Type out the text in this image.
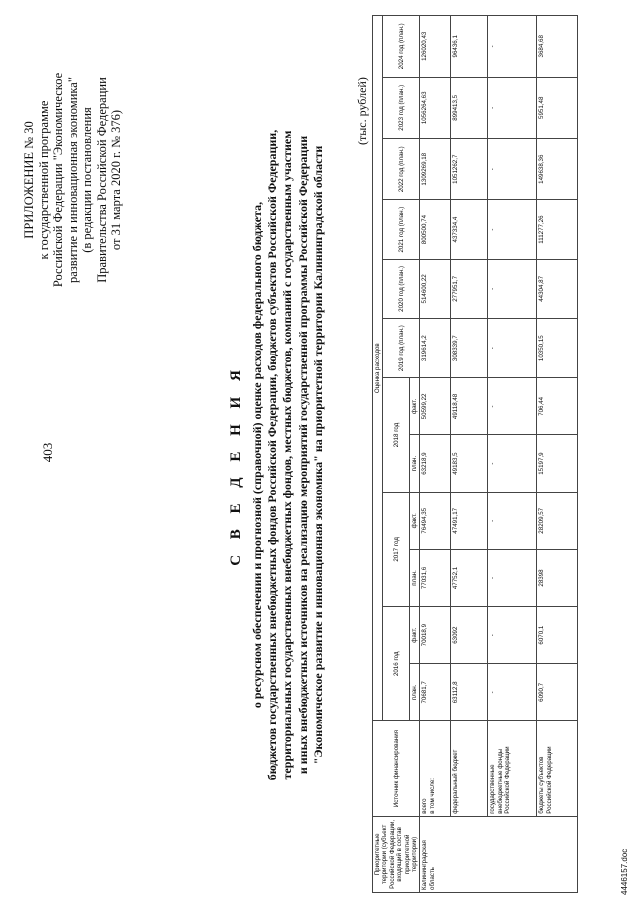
ПРИЛОЖЕНИЕ № 30 к государственной программе Российской Федерации "Экономическое развитие и инновационная экономика" (в редакции постановления Правительства Российской Федерации от 31 марта 2020 г. № 376)
403	С В Е Д Е Н И Я о ресурсном обеспечении и прогнозной (справочной) оценке расходов федерального бюджета, бюджетов государственных внебюджетных фондов Российской Федерации, бюджетов субъектов Российской Федерации, территориальных государственных внебюджетных фондов, местных бюджетов, компаний с государственным участием и иных внебюджетных источников на реализацию мероприятий государственной программы Российской Федерации "Экономическое развитие и инновационная экономика" на приоритетной территории Калининградской области
(тыс. рублей)
Приоритетные территории (субъект Российской Федерации, входящий в состав приоритетной территории)	Источник финансирования	Оценка расходов											
		2016 год		2017 год		2018 год		2019 год (план.)	2020 год (план.)	2021 год (план.)	2022 год (план.)	2023 год (план.)	2024 год (план.)
		план.	факт.	план.	факт.	план.	факт.						
Калининградская область	всего в том числе:	70681,7	70018,9	77031,6	76494,35	63218,9	50599,22	319614,2	514600,22	800500,74	1309269,18	1056264,63	126020,43
	федеральный бюджет	63112,8	63092	47752,1	47491,17	49183,5	49118,48	308339,7	277951,7	437334,4	1051262,7	899413,5	96436,1
	государственные внебюджетные фонды Российской Федерации	-	-	-	-	-	-	-	-	-	-	-	-
	бюджеты субъектов Российской Федерации	6090,7	6070,1	28398	28209,57	15197,9	706,44	10350,15	44304,87	111277,26	149638,36	5951,48	3684,68
4446157.doc
